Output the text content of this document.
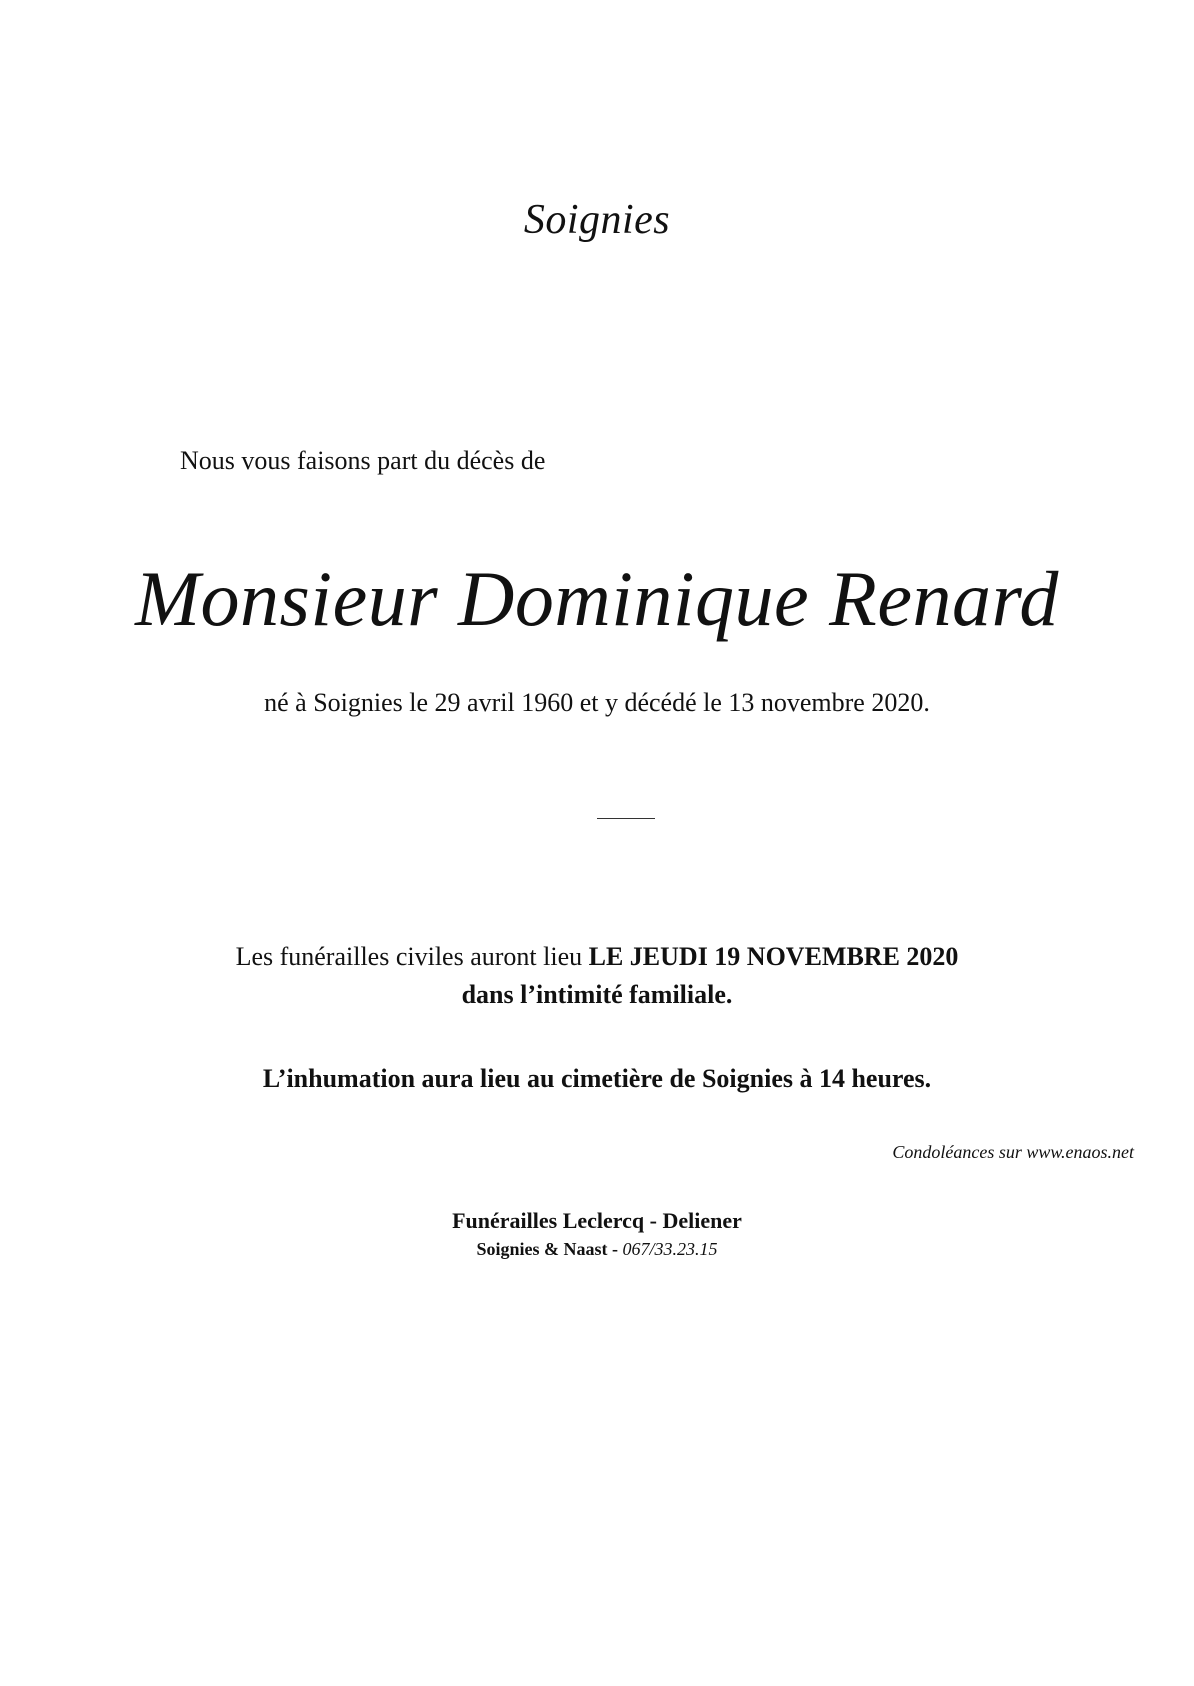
Soignies
Nous vous faisons part du décès de
Monsieur Dominique Renard
né à Soignies le 29 avril 1960 et y décédé le 13 novembre 2020.
Les funérailles civiles auront lieu LE JEUDI 19 NOVEMBRE 2020
dans l’intimité familiale.
L’inhumation aura lieu au cimetière de Soignies à 14 heures.
Condoléances sur www.enaos.net
Funérailles Leclercq - Deliener
Soignies & Naast - 067/33.23.15
